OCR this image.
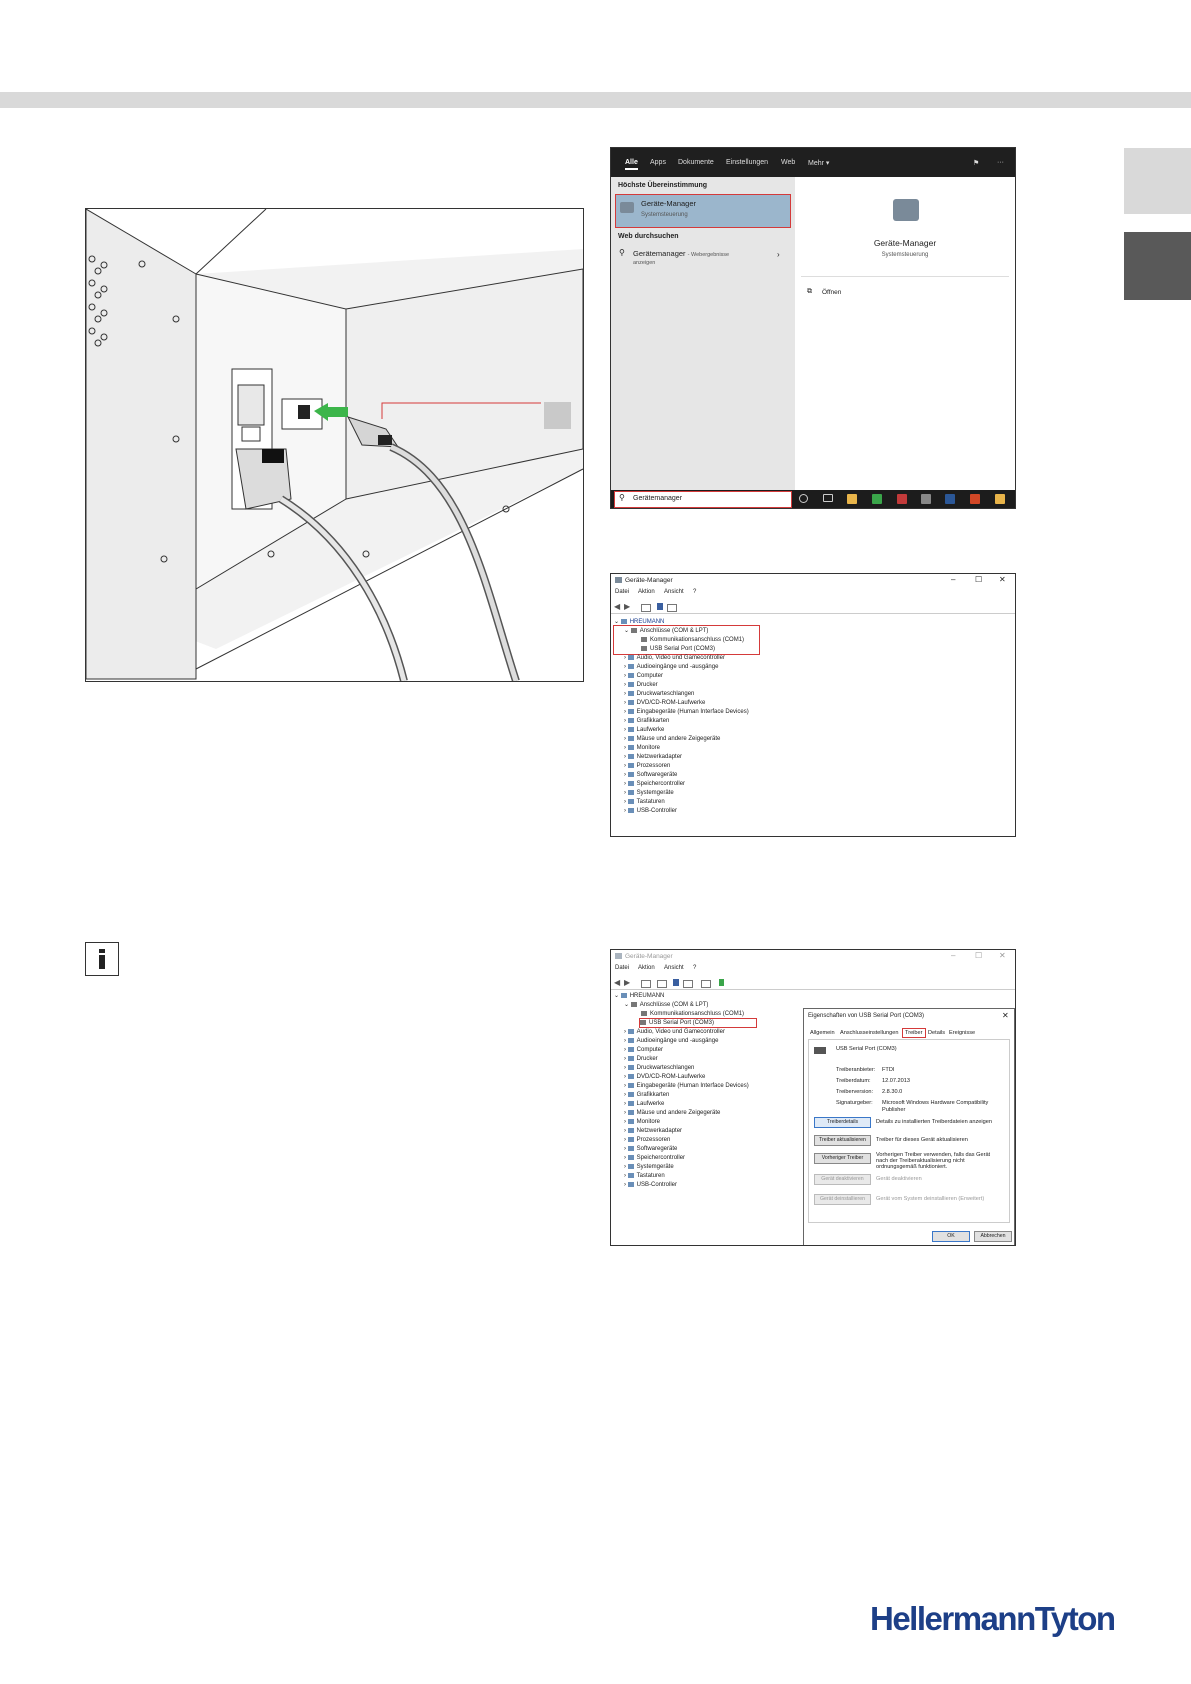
Alle Apps Dokumente Einstellungen Web Mehr ▾	⚑	···
Höchste Übereinstimmung
Geräte-Manager
Systemsteuerung
Web durchsuchen
⚲ Gerätemanager - Webergebnisse
anzeigen
›
Geräte-Manager
Systemsteuerung
⧉ Öffnen
⚲ Gerätemanager
Geräte-Manager	– ☐ ✕
Datei Aktion Ansicht ?
◀ ▶
⌄ HREUMANN
⌄ Anschlüsse (COM & LPT)
Kommunikationsanschluss (COM1)
USB Serial Port (COM3)
› Audio, Video und Gamecontroller
› Audioeingänge und -ausgänge
› Computer
› Drucker
› Druckwarteschlangen
› DVD/CD-ROM-Laufwerke
› Eingabegeräte (Human Interface Devices)
› Grafikkarten
› Laufwerke
› Mäuse und andere Zeigegeräte
› Monitore
› Netzwerkadapter
› Prozessoren
› Softwaregeräte
› Speichercontroller
› Systemgeräte
› Tastaturen
› USB-Controller
Geräte-Manager	– ☐ ✕
Datei Aktion Ansicht ?
◀ ▶
⌄ HREUMANN
⌄ Anschlüsse (COM & LPT)
Kommunikationsanschluss (COM1)
USB Serial Port (COM3)
› Audio, Video und Gamecontroller
› Audioeingänge und -ausgänge
› Computer
› Drucker
› Druckwarteschlangen
› DVD/CD-ROM-Laufwerke
› Eingabegeräte (Human Interface Devices)
› Grafikkarten
› Laufwerke
› Mäuse und andere Zeigegeräte
› Monitore
› Netzwerkadapter
› Prozessoren
› Softwaregeräte
› Speichercontroller
› Systemgeräte
› Tastaturen
› USB-Controller
Eigenschaften von USB Serial Port (COM3)	✕
Allgemein Anschlusseinstellungen	Treiber Details Ereignisse
USB Serial Port (COM3)
Treiberanbieter: FTDI
Treiberdatum: 12.07.2013
Treiberversion: 2.8.30.0
Signaturgeber: Microsoft Windows Hardware Compatibility Publisher
Treiberdetails	Details zu installierten Treiberdateien anzeigen
Treiber aktualisieren	Treiber für dieses Gerät aktualisieren
Vorheriger Treiber	Vorherigen Treiber verwenden, falls das Gerät nach der Treiberaktualisierung nicht ordnungsgemäß funktioniert.
Gerät deaktivieren	Gerät deaktivieren
Gerät deinstallieren	Gerät vom System deinstallieren (Erweitert)
OK	Abbrechen
HellermannTyton
